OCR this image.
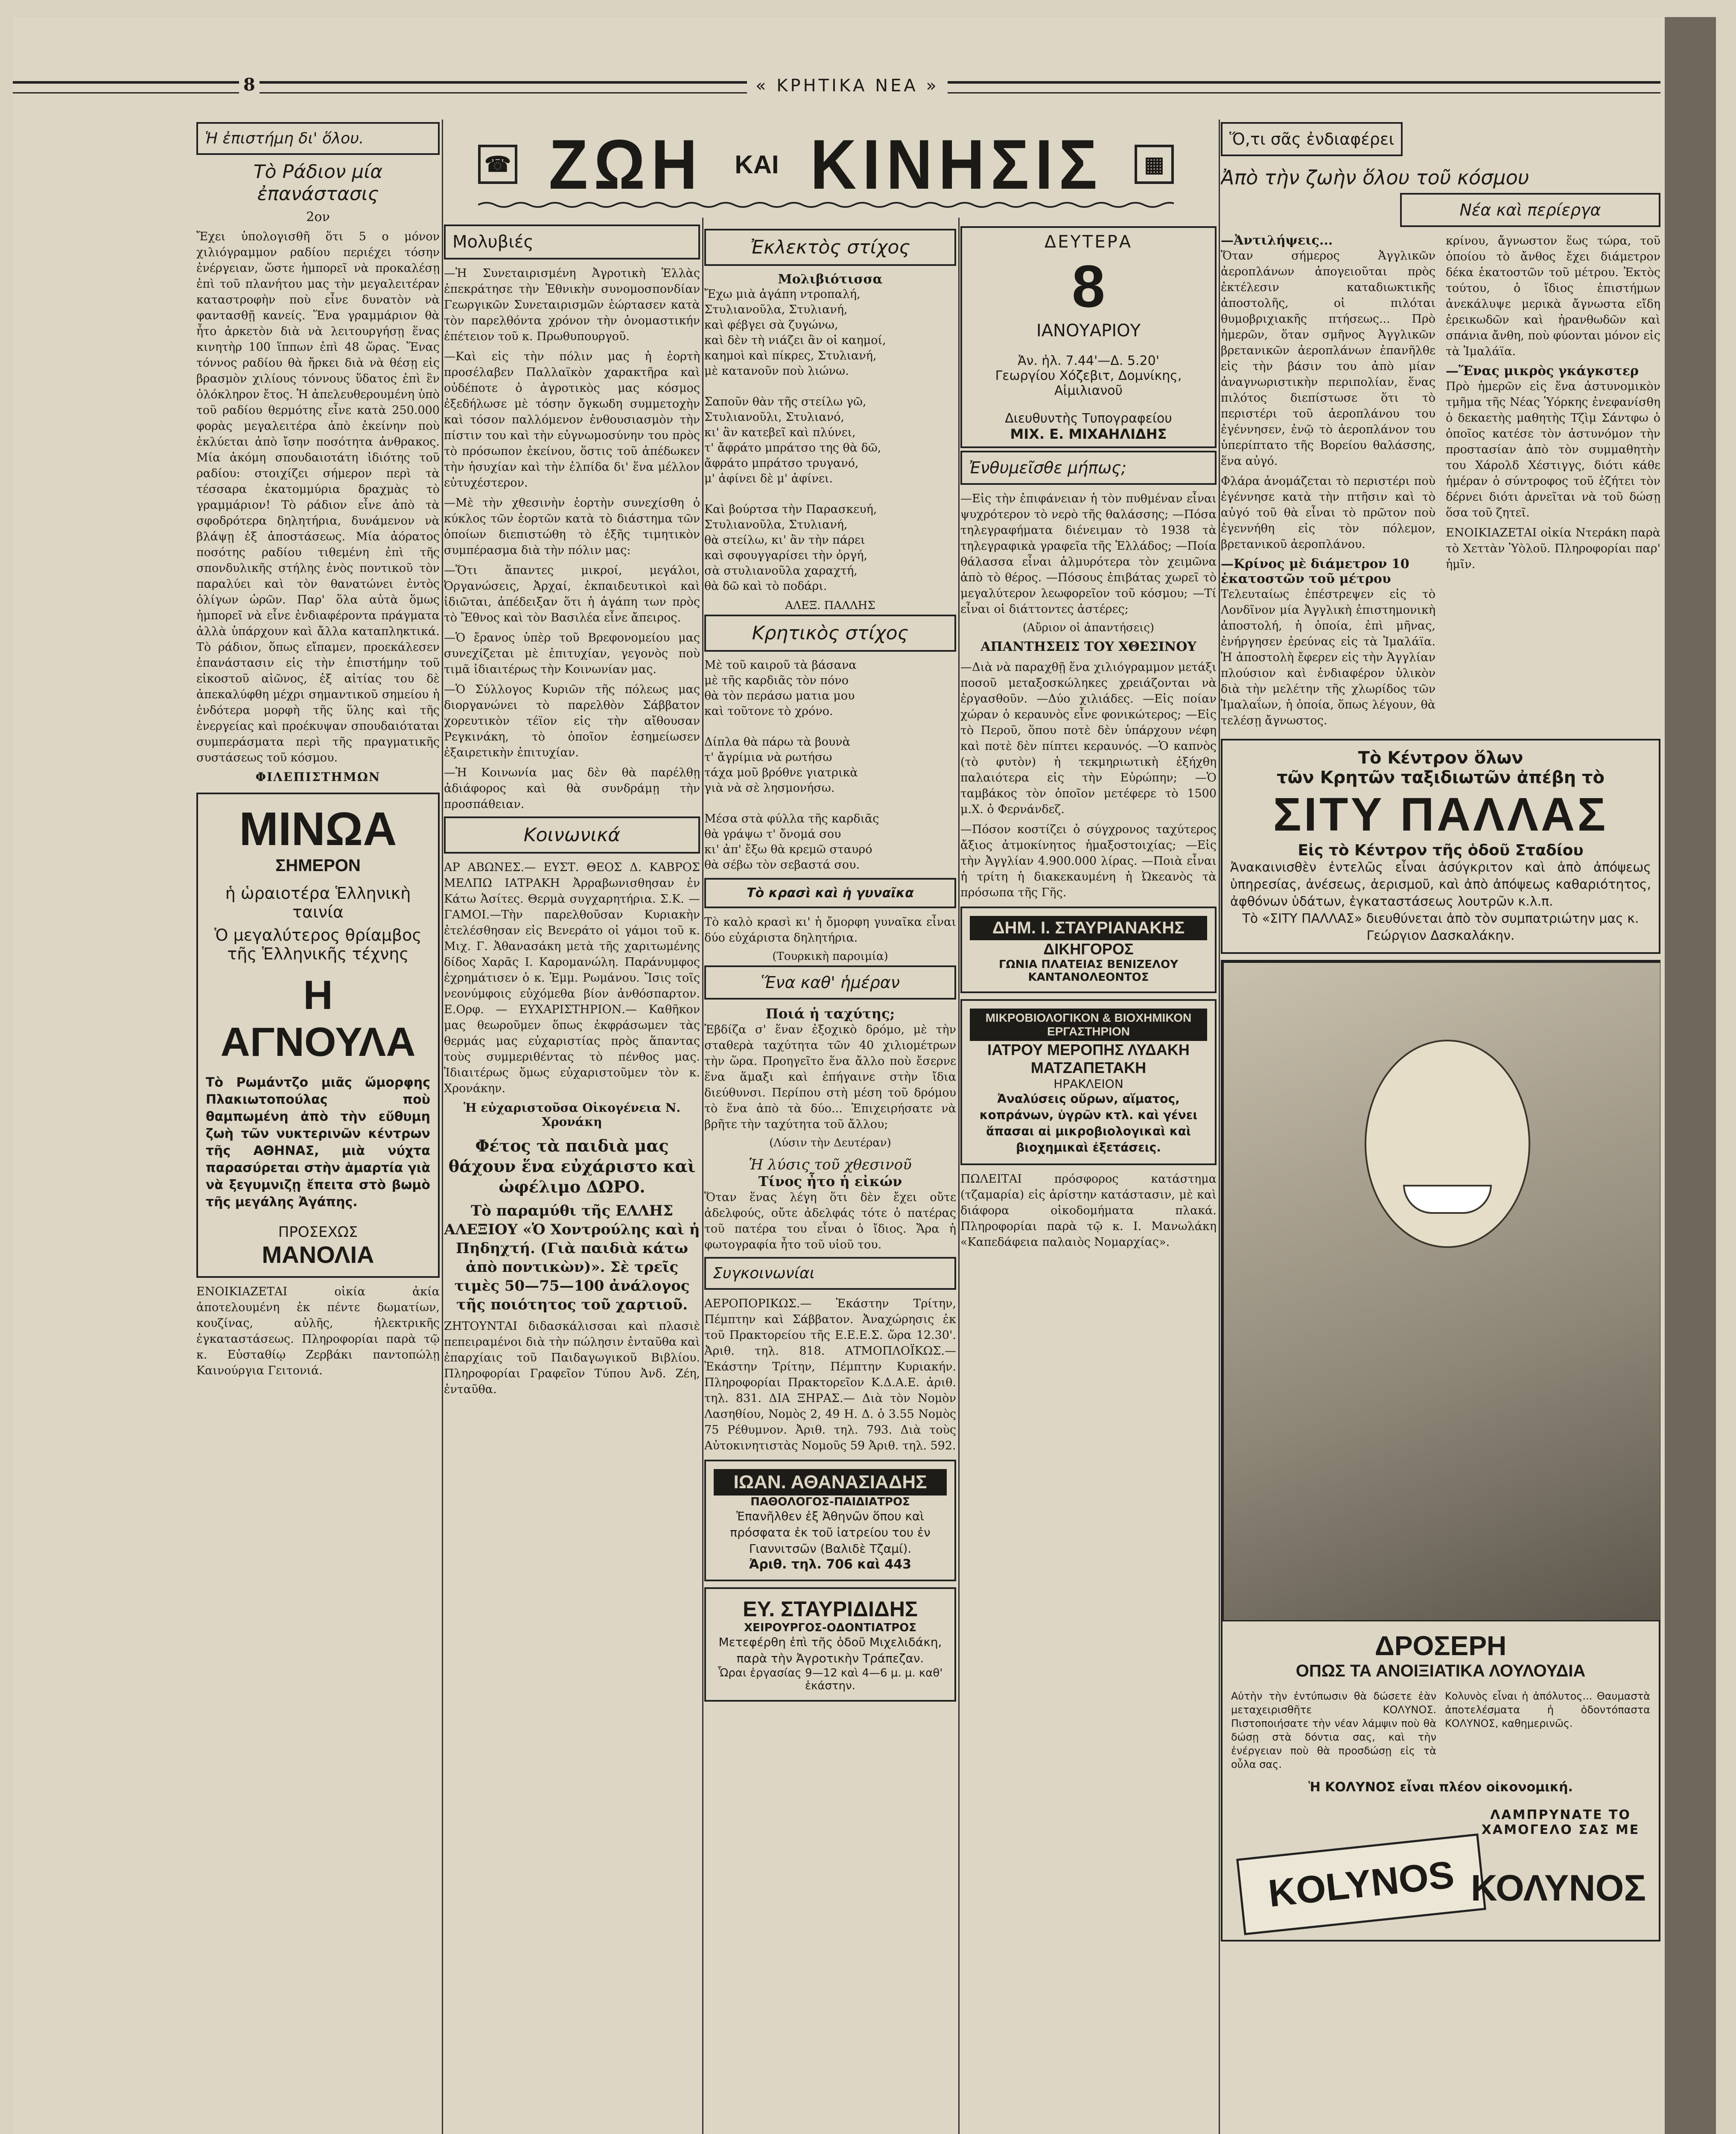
8	« ΚΡΗΤΙΚΑ ΝΕΑ »
☎ ΖΩΗ ΚΑΙ ΚΙΝΗΣΙΣ	▦
Ἡ ἐπιστήμη δι' ὅλου.
Τὸ Ράδιον μία ἐπανάστασις
2ον

Ἔχει ὑπολογισθῆ ὅτι 5 ο μόνον χιλιόγραμμον ραδίου περιέχει τόσην ἐνέργειαν, ὥστε ἡμπορεῖ νὰ προκαλέσῃ ἐπὶ τοῦ πλανήτου μας τὴν μεγαλειτέραν καταστροφὴν ποὺ εἶνε δυνατὸν νὰ φαντασθῇ κανείς. Ἕνα γραμμάριον θὰ ἦτο ἀρκετὸν διὰ νὰ λειτουργήσῃ ἕνας κινητὴρ 100 ἵππων ἐπὶ 48 ὥρας. Ἕνας τόννος ραδίου θὰ ἤρκει διὰ νὰ θέσῃ εἰς βρασμὸν χιλίους τόννους ὕδατος ἐπὶ ἓν ὁλόκληρον ἔτος. Ἡ ἀπελευθερουμένη ὑπὸ τοῦ ραδίου θερμότης εἶνε κατὰ 250.000 φορὰς μεγαλειτέρα ἀπὸ ἐκείνην ποὺ ἐκλύεται ἀπὸ ἴσην ποσότητα ἀνθρακος. Μία ἀκόμη σπουδαιοτάτη ἰδιότης τοῦ ραδίου: στοιχίζει σήμερον περὶ τὰ τέσσαρα ἑκατομμύρια δραχμὰς τὸ γραμμάριον! Τὸ ράδιον εἶνε ἀπὸ τὰ σφοδρότερα δηλητήρια, δυνάμενον νὰ βλάψῃ ἐξ ἀποστάσεως. Μία ἀόρατος ποσότης ραδίου τιθεμένη ἐπὶ τῆς σπονδυλικῆς στήλης ἑνὸς ποντικοῦ τὸν παραλύει καὶ τὸν θανατώνει ἐντὸς ὀλίγων ὡρῶν. Παρ' ὅλα αὐτὰ ὅμως ἡμπορεῖ νὰ εἶνε ἐνδιαφέροντα πράγματα ἀλλὰ ὑπάρχουν καὶ ἄλλα καταπληκτικά. Τὸ ράδιον, ὅπως εἴπαμεν, προεκάλεσεν ἐπανάστασιν εἰς τὴν ἐπιστήμην τοῦ εἰκοστοῦ αἰῶνος, ἐξ αἰτίας του δὲ ἀπεκαλύφθη μέχρι σημαντικοῦ σημείου ἡ ἐνδότερα μορφὴ τῆς ὕλης καὶ τῆς ἐνεργείας καὶ προέκυψαν σπουδαιόταται συμπεράσματα περὶ τῆς πραγματικῆς συστάσεως τοῦ κόσμου.

ΦΙΛΕΠΙΣΤΗΜΩΝ
ΜΙΝΩΑ
ΣΗΜΕΡΟΝ
ἡ ὡραιοτέρα Ἑλληνικὴ ταινία
Ὁ μεγαλύτερος θρίαμβος τῆς Ἑλληνικῆς τέχνης
Η ΑΓΝΟΥΛΑ
Τὸ Ρωμάντζο μιᾶς ὥμορφης Πλακιωτοπούλας ποὺ θαμπωμένη ἀπὸ τὴν εὔθυμη ζωὴ τῶν νυκτερινῶν κέντρων τῆς ΑΘΗΝΑΣ, μιὰ νύχτα παρασύρεται στὴν ἁμαρτία γιὰ νὰ ξεγυμνιζῃ ἔπειτα στὸ βωμὸ τῆς μεγάλης Ἀγάπης.
ΠΡΟΣΕΧΩΣ
ΜΑΝΟΛΙΑ

ΕΝΟΙΚΙΑΖΕΤΑΙ οἰκία ἀκία ἀποτελουμένη ἐκ πέντε δωματίων, κουζίνας, αὐλῆς, ἠλεκτρικῆς ἐγκαταστάσεως. Πληροφορίαι παρὰ τῷ κ. Εὐσταθίῳ Ζερβάκι παντοπώλῃ Καινούργια Γειτονιά.

Μολυβιές

—Ἡ Συνεταιρισμένη Ἀγροτικὴ Ἑλλὰς ἐπεκράτησε τὴν Ἐθνικὴν συνομοσπονδίαν Γεωργικῶν Συνεταιρισμῶν ἑώρτασεν κατὰ τὸν παρελθόντα χρόνον τὴν ὀνομαστικήν ἐπέτειον τοῦ κ. Πρωθυπουργοῦ.

—Καὶ εἰς τὴν πόλιν μας ἡ ἑορτὴ προσέλαβεν Παλλαϊκὸν χαρακτῆρα καὶ οὐδέποτε ὁ ἀγροτικὸς μας κόσμος ἐξεδήλωσε μὲ τόσην ὄγκωδη συμμετοχὴν καὶ τόσον παλλόμενον ἐνθουσιασμὸν τὴν πίστιν του καὶ τὴν εὐγνωμοσύνην του πρὸς τὸ πρόσωπον ἐκείνου, ὅστις τοῦ ἀπέδωκεν τὴν ἡσυχίαν καὶ τὴν ἐλπίδα δι' ἕνα μέλλον εὐτυχέστερον.

—Μὲ τὴν χθεσινὴν ἑορτὴν συνεχίσθη ὁ κύκλος τῶν ἑορτῶν κατὰ τὸ διάστημα τῶν ὁποίων διεπιστώθη τὸ ἐξῆς τιμητικὸν συμπέρασμα διὰ τὴν πόλιν μας:

—Ὅτι ἅπαντες μικροί, μεγάλοι, Ὀργανώσεις, Ἀρχαί, ἐκπαιδευτικοὶ καὶ ἰδιῶται, ἀπέδειξαν ὅτι ἡ ἀγάπη των πρὸς τὸ Ἔθνος καὶ τὸν Βασιλέα εἶνε ἄπειρος.

—Ὁ ἔρανος ὑπὲρ τοῦ Βρεφονομείου μας συνεχίζεται μὲ ἐπιτυχίαν, γεγονὸς ποὺ τιμᾶ ἰδιαιτέρως τὴν Κοινωνίαν μας.

—Ὁ Σύλλογος Κυριῶν τῆς πόλεως μας διοργανώνει τὸ παρελθὸν Σάββατον χορευτικὸν τέϊον εἰς τὴν αἴθουσαν Ρεγκινάκη, τὸ ὁποῖον ἐσημείωσεν ἐξαιρετικὴν ἐπιτυχίαν.

—Ἡ Κοινωνία μας δὲν θὰ παρέλθῃ ἀδιάφορος καὶ θὰ συνδράμῃ τὴν προσπάθειαν.

Κοινωνικά

ΑΡ ΑΒΩΝΕΣ.— ΕΥΣΤ. ΘΕΟΣ Δ. ΚΑΒΡΟΣ ΜΕΛΠΩ ΙΑΤΡΑΚΗ Ἀρραβωνισθησαν ἐν Κάτω Ἀσίτες. Θερμὰ συγχαρητήρια. Σ.Κ. — ΓΑΜΟΙ.—Τὴν παρελθοῦσαν Κυριακὴν ἐτελέσθησαν εἰς Βενεράτο οἱ γάμοι τοῦ κ. Μιχ. Γ. Ἀθανασάκη μετὰ τῆς χαριτωμένης δίδος Χαρᾶς Ι. Καρομανώλη. Παράνυμφος ἐχρημάτισεν ὁ κ. Ἐμμ. Ρωμάνου. Ἴσις τοῖς νεονύμφοις εὐχόμεθα βίον ἀνθόσπαρτον. Ε.Ορφ. — ΕΥΧΑΡΙΣΤΗΡΙΟΝ.— Καθῆκον μας θεωροῦμεν ὅπως ἐκφράσωμεν τὰς θερμάς μας εὐχαριστίας πρὸς ἅπαντας τοὺς συμμεριθέντας τὸ πένθος μας. Ἰδιαιτέρως ὅμως εὐχαριστοῦμεν τὸν κ. Χρονάκην.

Ἡ εὐχαριστοῦσα Οἰκογένεια Ν. Χρονάκη
Φέτος τὰ παιδιὰ μας θάχουν ἕνα εὐχάριστο καὶ ὠφέλιμο ΔΩΡΟ.
Τὸ παραμύθι τῆς ΕΛΛΗΣ ΑΛΕΞΙΟΥ «Ὁ Χοντρούλης καὶ ἡ Πηδηχτή. (Γιὰ παιδιὰ κάτω ἀπὸ ποντικὼν)». Σὲ τρεῖς τιμὲς 50—75—100 ἀνάλογος τῆς ποιότητος τοῦ χαρτιοῦ.

ΖΗΤΟΥΝΤΑΙ διδασκάλισσαι καὶ πλασιὲ πεπειραμένοι διὰ τὴν πώλησιν ἐνταῦθα καὶ ἐπαρχίαις τοῦ Παιδαγωγικοῦ Βιβλίου. Πληροφορίαι Γραφεῖον Τύπου Ἀνδ. Ζέη, ἐνταῦθα.

Ἐκλεκτὸς στίχος
Μολιβιότισσα
Ἔχω μιὰ ἀγάπη ντροπαλή,
Στυλιανοῦλα, Στυλιανή,
καὶ φέβγει σὰ ζυγώνω,
καὶ δὲν τὴ νιάζει ἂν οἱ καημοί,
καημοὶ καὶ πίκρες, Στυλιανή,
μὲ κατανοῦν ποὺ λιώνω.

Σαποῦν θὰν τῆς στείλω γῶ,
Στυλιανοῦλι, Στυλιανό,
κι' ἂν κατεβεῖ καὶ πλύνει,
τ' ἄφράτο μπράτσο της θὰ δῶ,
ἄφράτο μπράτσο τρυγανό,
μ' ἀφίνει δὲ μ' ἀφίνει.

Καὶ βούρτσα τὴν Παρασκευή,
Στυλιανοῦλα, Στυλιανή,
θὰ στείλω, κι' ἂν τὴν πάρει
καὶ σφουγγαρίσει τὴν ὀργή,
σὰ στυλιανοῦλα χαραχτή,
θὰ δῶ καὶ τὸ ποδάρι.
ΑΛΕΞ. ΠΑΛΛΗΣ
Κρητικὸς στίχος
Μὲ τοῦ καιροῦ τὰ βάσανα
μὲ τῆς καρδιᾶς τὸν πόνο
θὰ τὸν περάσω ματια μου
καὶ τοῦτονε τὸ χρόνο.

Δίπλα θὰ πάρω τὰ βουνὰ
τ' ἄγρίμια νὰ ρωτήσω
τάχα μοῦ βρόθνε γιατρικὰ
γιὰ νὰ σὲ λησμονήσω.

Μέσα στὰ φύλλα τῆς καρδιᾶς
θὰ γράψω τ' ὄνομά σου
κι' ἀπ' ἔξω θὰ κρεμῶ σταυρό
θὰ σέβω τὸν σεβαστά σου.
Τὸ κρασὶ καὶ ἡ γυναῖκα

Τὸ καλὸ κρασὶ κι' ἡ ὄμορφη γυναῖκα εἶναι δύο εὐχάριστα δηλητήρια.

(Τουρκικὴ παροιμία)
Ἕνα καθ' ἡμέραν
Ποιά ἡ ταχύτης;

Ἐβδίζα σ' ἕναν ἐξοχικὸ δρόμο, μὲ τὴν σταθερὰ ταχύτητα τῶν 40 χιλιομέτρων τὴν ὥρα. Προηγεῖτο ἕνα ἄλλο ποὺ ἔσερνε ἕνα ἅμαξι καὶ ἐπήγαινε στὴν ἴδια διεύθυνσι. Περίπου στὴ μέση τοῦ δρόμου τὸ ἕνα ἀπὸ τὰ δύο... Ἐπιχειρήσατε νὰ βρῆτε τὴν ταχύτητα τοῦ ἄλλου;

(Λύσιν τὴν Δευτέραν)
Ἡ λύσις τοῦ χθεσινοῦ
Τίνος ἦτο ἡ εἰκών

Ὅταν ἕνας λέγη ὅτι δὲν ἔχει οὔτε ἀδελφούς, οὔτε ἀδελφάς τότε ὁ πατέρας τοῦ πατέρα του εἶναι ὁ ἴδιος. Ἄρα ἡ φωτογραφία ἦτο τοῦ υἱοῦ του.

Συγκοινωνίαι

ΑΕΡΟΠΟΡΙΚΩΣ.— Ἐκάστην Τρίτην, Πέμπτην καὶ Σάββατον. Ἀναχώρησις ἐκ τοῦ Πρακτορείου τῆς Ε.Ε.Ε.Σ. ὥρα 12.30'. Ἀριθ. τηλ. 818. ΑΤΜΟΠΛΟΪΚΩΣ.— Ἐκάστην Τρίτην, Πέμπτην Κυριακήν. Πληροφορίαι Πρακτορεῖον Κ.Δ.Α.Ε. ἀριθ. τηλ. 831. ΔΙΑ ΞΗΡΑΣ.— Διὰ τὸν Νομὸν Λασηθίου, Νομὸς 2, 49 Η. Δ. ὁ 3.55 Νομὸς 75 Ρέθυμνον. Ἀριθ. τηλ. 793. Διὰ τοὺς Αὐτοκινητιστὰς Νομοῦς 59 Ἀριθ. τηλ. 592.

ΙΩΑΝ. ΑΘΑΝΑΣΙΑΔΗΣ
ΠΑΘΟΛΟΓΟΣ-ΠΑΙΔΙΑΤΡΟΣ
Ἐπανῆλθεν ἐξ Ἀθηνῶν ὅπου καὶ πρόσφατα ἐκ τοῦ ἰατρείου του ἐν Γιαννιτσῶν (Βαλιδὲ Τζαμί).
Ἀριθ. τηλ. 706 καὶ 443
ΕΥ. ΣΤΑΥΡΙΔΙΔΗΣ
ΧΕΙΡΟΥΡΓΟΣ-ΟΔΟΝΤΙΑΤΡΟΣ
Μετεφέρθη ἐπὶ τῆς ὁδοῦ Μιχελιδάκη, παρὰ τὴν Ἀγροτικὴν Τράπεζαν.
Ὧραι ἐργασίας 9—12 καὶ 4—6 μ. μ. καθ' ἑκάστην.
ΔΕΥΤΕΡΑ
8
ΙΑΝΟΥΑΡΙΟΥ
Ἀν. ἡλ. 7.44'—Δ. 5.20'
Γεωργίου Χόζεβιτ, Δομνίκης, Αἰμιλιανοῦ
Διευθυντὴς Τυπογραφείου
ΜΙΧ. Ε. ΜΙΧΑΗΛΙΔΗΣ
Ἐνθυμεῖσθε μήπως;

—Εἰς τὴν ἐπιφάνειαν ἡ τὸν πυθμέναν εἶναι ψυχρότερον τὸ νερὸ τῆς θαλάσσης; —Πόσα τηλεγραφήματα διένειμαν τὸ 1938 τὰ τηλεγραφικὰ γραφεῖα τῆς Ἑλλάδος; —Ποία θάλασσα εἶναι ἁλμυρότερα τὸν χειμῶνα ἀπὸ τὸ θέρος. —Πόσους ἐπιβάτας χωρεῖ τὸ μεγαλύτερον λεωφορεῖον τοῦ κόσμου; —Τί εἶναι οἱ διάττοντες ἀστέρες;

(Αὔριον οἱ ἀπαντήσεις)
ΑΠΑΝΤΗΣΕΙΣ ΤΟΥ ΧΘΕΣΙΝΟΥ

—Διὰ νὰ παραχθῇ ἕνα χιλιόγραμμον μετάξι ποσοῦ μεταξοσκώληκες χρειάζονται νὰ ἐργασθοῦν. —Δύο χιλιάδες. —Εἰς ποίαν χώραν ὁ κεραυνὸς εἶνε φονικώτερος; —Εἰς τὸ Περοῦ, ὅπου ποτὲ δὲν ὑπάρχουν νέφη καὶ ποτὲ δὲν πίπτει κεραυνός. —Ὁ καπνὸς (τὸ φυτὸν) ἡ τεκμηριωτικὴ ἐξήχθη παλαιότερα εἰς τὴν Εὐρώπην; —Ὁ ταμβάκος τὸν ὁποῖον μετέφερε τὸ 1500 μ.Χ. ὁ Φερνάνδεζ.

—Πόσον κοστίζει ὁ σύγχρονος ταχύτερος ἄξιος ἀτμοκίνητος ἡμαξοστοιχίας; —Εἰς τὴν Ἀγγλίαν 4.900.000 λίρας. —Ποιὰ εἶναι ἡ τρίτη ἡ διακεκαυμένη ἡ Ὠκεανὸς τὰ πρόσωπα τῆς Γῆς.

ΔΗΜ. Ι. ΣΤΑΥΡΙΑΝΑΚΗΣ
ΔΙΚΗΓΟΡΟΣ
ΓΩΝΙΑ ΠΛΑΤΕΙΑΣ ΒΕΝΙΖΕΛΟΥ ΚΑΝΤΑΝΟΛΕΟΝΤΟΣ
ΜΙΚΡΟΒΙΟΛΟΓΙΚΟΝ & ΒΙΟΧΗΜΙΚΟΝ ΕΡΓΑΣΤΗΡΙΟΝ
ΙΑΤΡΟΥ ΜΕΡΟΠΗΣ ΛΥΔΑΚΗ ΜΑΤΖΑΠΕΤΑΚΗ
ΗΡΑΚΛΕΙΟΝ
Ἀναλύσεις οὔρων, αἵματος, κοπράνων, ὑγρῶν κτλ. καὶ γένει ἅπασαι αἱ μικροβιολογικαὶ καὶ βιοχημικαὶ ἐξετάσεις.

ΠΩΛΕΙΤΑΙ πρόσφορος κατάστημα (τζαμαρία) εἰς ἀρίστην κατάστασιν, μὲ καὶ διάφορα οἰκοδομήματα πλακά. Πληροφορίαι παρὰ τῷ κ. Ι. Μανωλάκη «Καπεδάφεια παλαιὸς Νομαρχίας».

Ὅ,τι σᾶς ἐνδιαφέρει
Ἀπὸ τὴν ζωὴν ὅλου τοῦ κόσμου
Νέα καὶ περίεργα
—Ἀντιλήψεις...

Ὅταν σήμερος Ἀγγλικῶν ἀεροπλάνων ἀπογειοῦται πρὸς ἐκτέλεσιν καταδιωκτικῆς ἀποστολῆς, οἱ πιλόται θυμοβριχιακῆς πτήσεως... Πρὸ ἡμερῶν, ὅταν σμῆνος Ἀγγλικῶν βρετανικῶν ἀεροπλάνων ἐπανῆλθε εἰς τὴν βάσιν του ἀπὸ μίαν ἀναγνωριστικὴν περιπολίαν, ἕνας πιλότος διεπίστωσε ὅτι τὸ περιστέρι τοῦ ἀεροπλάνου του ἐγέννησεν, ἐνῷ τὸ ἀεροπλάνον του ὑπερίπτατο τῆς Βορείου θαλάσσης, ἕνα αὐγό.

Φλάρα ἀνομάζεται τὸ περιστέρι ποὺ ἐγέννησε κατὰ τὴν πτῆσιν καὶ τὸ αὐγό τοῦ θὰ εἶναι τὸ πρῶτον ποὺ ἐγεννήθη εἰς τὸν πόλεμον, βρετανικοῦ ἀεροπλάνου.

—Κρίνος μὲ διάμετρον 10 ἑκατοστῶν τοῦ μέτρου

Τελευταίως ἐπέστρεψεν εἰς τὸ Λονδῖνον μία Ἀγγλικὴ ἐπιστημονικὴ ἀποστολή, ἡ ὁποία, ἐπὶ μῆνας, ἐνήργησεν ἐρεύνας εἰς τὰ Ἱμαλάϊα. Ἡ ἀποστολὴ ἔφερεν εἰς τὴν Ἀγγλίαν πλούσιον καὶ ἐνδιαφέρον ὑλικὸν διὰ τὴν μελέτην τῆς χλωρίδος τῶν Ἱμαλαΐων, ἡ ὁποία, ὅπως λέγουν, θὰ τελέσῃ ἄγνωστος.

κρίνου, ἄγνωστον ἕως τώρα, τοῦ ὁποίου τὸ ἄνθος ἔχει διάμετρον δέκα ἑκατοστῶν τοῦ μέτρου. Ἐκτὸς τούτου, ὁ ἴδιος ἐπιστήμων ἀνεκάλυψε μερικὰ ἄγνωστα εἴδη ἐρεικωδῶν καὶ ἠρανθωδῶν καὶ σπάνια ἄνθη, ποὺ φύονται μόνον εἰς τὰ Ἱμαλάϊα.

—Ἕνας μικρὸς γκάγκστερ

Πρὸ ἡμερῶν εἰς ἕνα ἀστυνομικὸν τμῆμα τῆς Νέας Ὑόρκης ἐνεφανίσθη ὁ δεκαετὴς μαθητὴς Τζὶμ Σάντφω ὁ ὁποῖος κατέσε τὸν ἀστυνόμον τὴν προστασίαν ἀπὸ τὸν συμμαθητὴν του Χάρολδ Χέστιγγς, διότι κάθε ἡμέραν ὁ σύντροφος τοῦ ἐζήτει τὸν δέρνει διότι ἀρνεῖται νὰ τοῦ δώσῃ ὅσα τοῦ ζητεῖ.

ΕΝΟΙΚΙΑΖΕΤΑΙ οἰκία Ντεράκη παρὰ τὸ Χεττὰν Ὑὸλοῦ. Πληροφορίαι παρ' ἡμῖν.

Τὸ Κέντρον ὅλων
τῶν Κρητῶν ταξιδιωτῶν ἀπέβη τὸ
ΣΙΤΥ ΠΑΛΛΑΣ
Εἰς τὸ Κέντρον τῆς ὁδοῦ Σταδίου
Ἀνακαινισθὲν ἐντελῶς εἶναι ἀσύγκριτον καὶ ἀπὸ ἀπόψεως ὑπηρεσίας, ἀνέσεως, ἀερισμοῦ, καὶ ἀπὸ ἀπόψεως καθαριότητος, ἀφθόνων ὑδάτων, ἐγκαταστάσεως λουτρῶν κ.λ.π.
Τὸ «ΣΙΤΥ ΠΑΛΛΑΣ» διευθύνεται ἀπὸ τὸν συμπατριώτην μας κ. Γεώργιον Δασκαλάκην.
ΔΡΟΣΕΡΗ
ΟΠΩΣ ΤΑ ΑΝΟΙΞΙΑΤΙΚΑ ΛΟΥΛΟΥΔΙΑ
Αὐτὴν τὴν ἐντύπωσιν θὰ δώσετε ἐὰν μεταχειρισθῆτε ΚΟΛΥΝΟΣ. Πιστοποιήσατε τὴν νέαν λάμψιν ποὺ θὰ δώσῃ στὰ δόντια σας, καὶ τὴν ἐνέργειαν ποὺ θὰ προσδώσῃ εἰς τὰ οὖλα σας.
Κολυνὸς εἶναι ἡ ἀπόλυτος... Θαυμαστὰ ἀποτελέσματα ἡ ὁδοντόπαστα ΚΟΛΥΝΟΣ, καθημερινῶς.
Ἡ ΚΟΛΥΝΟΣ εἶναι πλέον οἰκονομική.
KOLYNOS
ΛΑΜΠΡΥΝΑΤΕ ΤΟ ΧΑΜΟΓΕΛΟ ΣΑΣ ΜΕ
ΚΟΛΥΝΟΣ
